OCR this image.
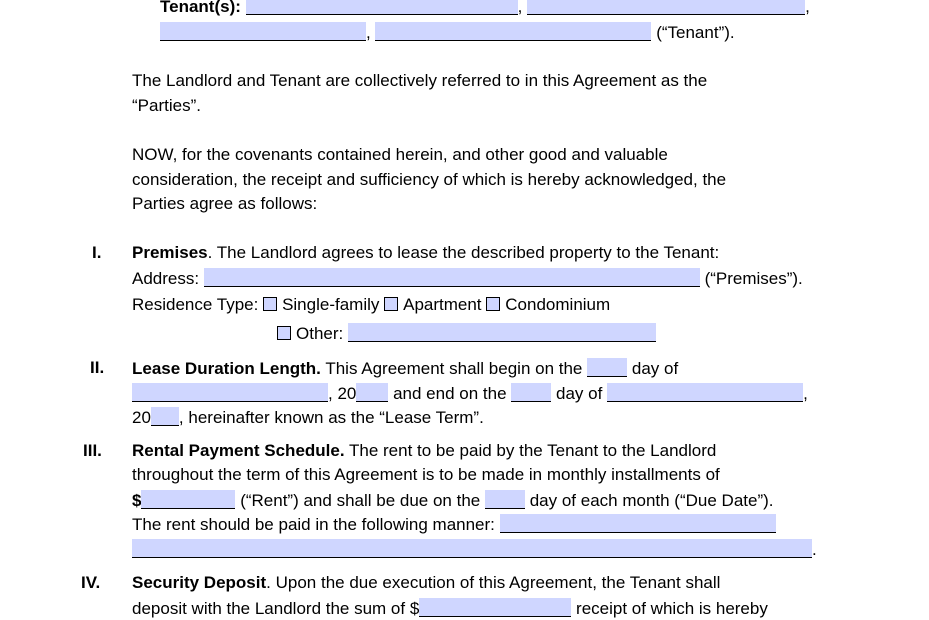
Tenant(s):	,	,
,	(“Tenant”).
The Landlord and Tenant are collectively referred to in this Agreement as the
“Parties”.
NOW, for the covenants contained herein, and other good and valuable
consideration, the receipt and sufficiency of which is hereby acknowledged, the
Parties agree as follows:
I. Premises. The Landlord agrees to lease the described property to the Tenant:
Address:	(“Premises”).
Residence Type: Single-family Apartment Condominium
Other:
II. Lease Duration Length. This Agreement shall begin on the	day of
, 20 and end on the	day of	,
20 , hereinafter known as the “Lease Term”.
III. Rental Payment Schedule. The rent to be paid by the Tenant to the Landlord
throughout the term of this Agreement is to be made in monthly installments of
$	(“Rent”) and shall be due on the	day of each month (“Due Date”).
The rent should be paid in the following manner:
.
IV. Security Deposit. Upon the due execution of this Agreement, the Tenant shall
deposit with the Landlord the sum of $	receipt of which is hereby
